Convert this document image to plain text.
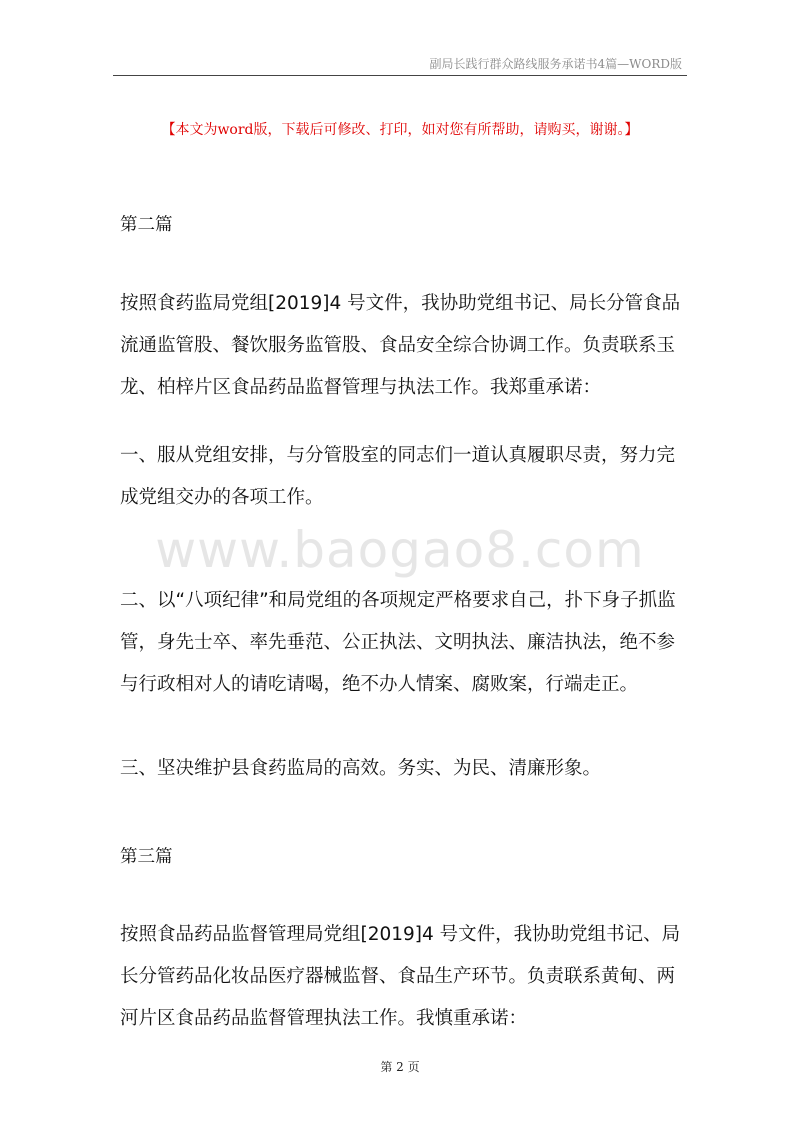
副局长践行群众路线服务承诺书4篇—WORD版
【本文为word版，下载后可修改、打印，如对您有所帮助，请购买，谢谢。】
第二篇
按照食药监局党组[2019]4 号文件，我协助党组书记、局长分管食品
流通监管股、餐饮服务监管股、食品安全综合协调工作。负责联系玉
龙、柏梓片区食品药品监督管理与执法工作。我郑重承诺：
一、服从党组安排，与分管股室的同志们一道认真履职尽责，努力完
成党组交办的各项工作。
www.baogao8.com
二、以“八项纪律”和局党组的各项规定严格要求自己，扑下身子抓监
管，身先士卒、率先垂范、公正执法、文明执法、廉洁执法，绝不参
与行政相对人的请吃请喝，绝不办人情案、腐败案，行端走正。
三、坚决维护县食药监局的高效。务实、为民、清廉形象。
第三篇
按照食品药品监督管理局党组[2019]4 号文件，我协助党组书记、局
长分管药品化妆品医疗器械监督、食品生产环节。负责联系黄甸、两
河片区食品药品监督管理执法工作。我慎重承诺：
第 2 页
